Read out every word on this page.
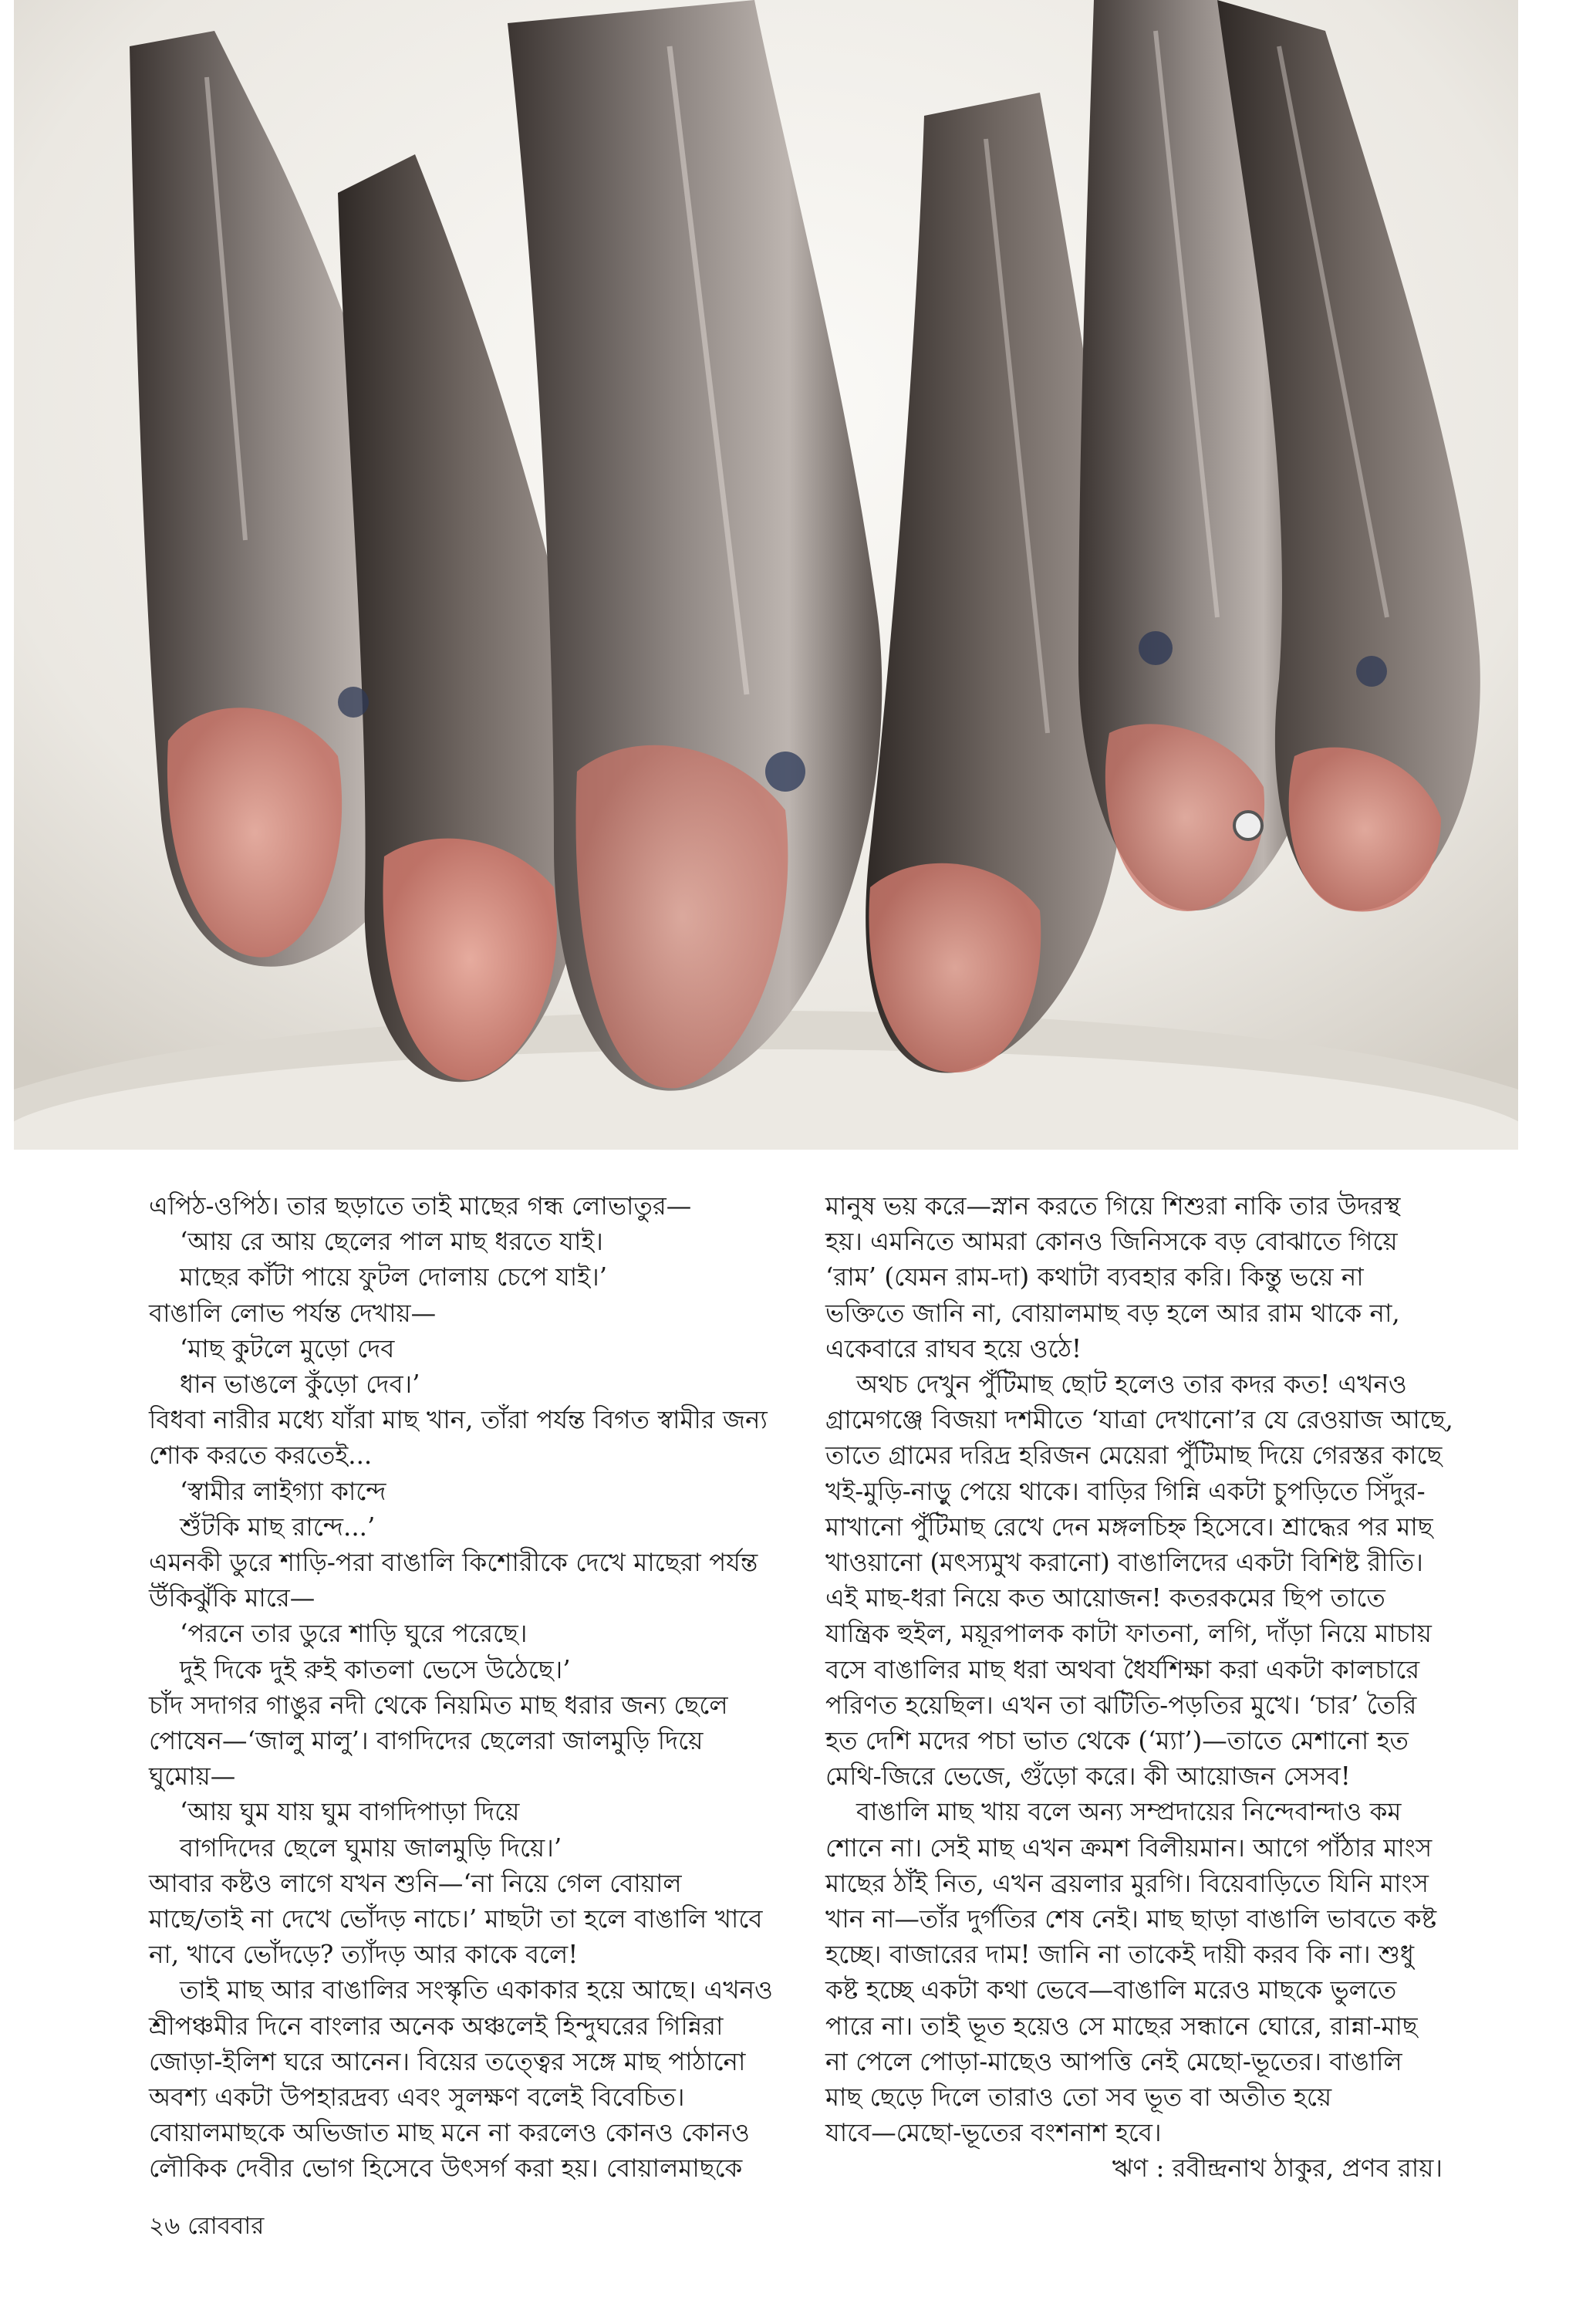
এপিঠ-ওপিঠ। তার ছড়াতে তাই মাছের গন্ধ লোভাতুর—
‘আয় রে আয় ছেলের পাল মাছ ধরতে যাই।
মাছের কাঁটা পায়ে ফুটল দোলায় চেপে যাই।’
বাঙালি লোভ পর্যন্ত দেখায়—
‘মাছ কুটলে মুড়ো দেব
ধান ভাঙলে কুঁড়ো দেব।’
বিধবা নারীর মধ্যে যাঁরা মাছ খান, তাঁরা পর্যন্ত বিগত স্বামীর জন্য
শোক করতে করতেই...
‘স্বামীর লাইগ্যা কান্দে
শুঁটকি মাছ রান্দে...’
এমনকী ডুরে শাড়ি-পরা বাঙালি কিশোরীকে দেখে মাছেরা পর্যন্ত
উঁকিঝুঁকি মারে—
‘পরনে তার ডুরে শাড়ি ঘুরে পরেছে।
দুই দিকে দুই রুই কাতলা ভেসে উঠেছে।’
চাঁদ সদাগর গাঙুর নদী থেকে নিয়মিত মাছ ধরার জন্য ছেলে
পোষেন—‘জালু মালু’। বাগদিদের ছেলেরা জালমুড়ি দিয়ে
ঘুমোয়—
‘আয় ঘুম যায় ঘুম বাগদিপাড়া দিয়ে
বাগদিদের ছেলে ঘুমায় জালমুড়ি দিয়ে।’
আবার কষ্টও লাগে যখন শুনি—‘না নিয়ে গেল বোয়াল
মাছে/তাই না দেখে ভোঁদড় নাচে।’ মাছটা তা হলে বাঙালি খাবে
না, খাবে ভোঁদড়ে? ত্যাঁদড় আর কাকে বলে!
তাই মাছ আর বাঙালির সংস্কৃতি একাকার হয়ে আছে। এখনও
শ্রীপঞ্চমীর দিনে বাংলার অনেক অঞ্চলেই হিন্দুঘরের গিন্নিরা
জোড়া-ইলিশ ঘরে আনেন। বিয়ের তত্ত্বের সঙ্গে মাছ পাঠানো
অবশ্য একটা উপহারদ্রব্য এবং সুলক্ষণ বলেই বিবেচিত।
বোয়ালমাছকে অভিজাত মাছ মনে না করলেও কোনও কোনও
লৌকিক দেবীর ভোগ হিসেবে উৎসর্গ করা হয়। বোয়ালমাছকে
মানুষ ভয় করে—স্নান করতে গিয়ে শিশুরা নাকি তার উদরস্থ
হয়। এমনিতে আমরা কোনও জিনিসকে বড় বোঝাতে গিয়ে
‘রাম’ (যেমন রাম-দা) কথাটা ব্যবহার করি। কিন্তু ভয়ে না
ভক্তিতে জানি না, বোয়ালমাছ বড় হলে আর রাম থাকে না,
একেবারে রাঘব হয়ে ওঠে!
অথচ দেখুন পুঁটিমাছ ছোট হলেও তার কদর কত! এখনও
গ্রামেগঞ্জে বিজয়া দশমীতে ‘যাত্রা দেখানো’র যে রেওয়াজ আছে,
তাতে গ্রামের দরিদ্র হরিজন মেয়েরা পুঁটিমাছ দিয়ে গেরস্তর কাছে
খই-মুড়ি-নাড়ু পেয়ে থাকে। বাড়ির গিন্নি একটা চুপড়িতে সিঁদুর-
মাখানো পুঁটিমাছ রেখে দেন মঙ্গলচিহ্ন হিসেবে। শ্রাদ্ধের পর মাছ
খাওয়ানো (মৎস্যমুখ করানো) বাঙালিদের একটা বিশিষ্ট রীতি।
এই মাছ-ধরা নিয়ে কত আয়োজন! কতরকমের ছিপ তাতে
যান্ত্রিক হুইল, ময়ূরপালক কাটা ফাতনা, লগি, দাঁড়া নিয়ে মাচায়
বসে বাঙালির মাছ ধরা অথবা ধৈর্যশিক্ষা করা একটা কালচারে
পরিণত হয়েছিল। এখন তা ঝটিতি-পড়তির মুখে। ‘চার’ তৈরি
হত দেশি মদের পচা ভাত থেকে (‘ম্যা’)—তাতে মেশানো হত
মেথি-জিরে ভেজে, গুঁড়ো করে। কী আয়োজন সেসব!
বাঙালি মাছ খায় বলে অন্য সম্প্রদায়ের নিন্দেবান্দাও কম
শোনে না। সেই মাছ এখন ক্রমশ বিলীয়মান। আগে পাঁঠার মাংস
মাছের ঠাঁই নিত, এখন ব্রয়লার মুরগি। বিয়েবাড়িতে যিনি মাংস
খান না—তাঁর দুর্গতির শেষ নেই। মাছ ছাড়া বাঙালি ভাবতে কষ্ট
হচ্ছে। বাজারের দাম! জানি না তাকেই দায়ী করব কি না। শুধু
কষ্ট হচ্ছে একটা কথা ভেবে—বাঙালি মরেও মাছকে ভুলতে
পারে না। তাই ভূত হয়েও সে মাছের সন্ধানে ঘোরে, রান্না-মাছ
না পেলে পোড়া-মাছেও আপত্তি নেই মেছো-ভূতের। বাঙালি
মাছ ছেড়ে দিলে তারাও তো সব ভূত বা অতীত হয়ে
যাবে—মেছো-ভূতের বংশনাশ হবে।
ঋণ : রবীন্দ্রনাথ ঠাকুর, প্রণব রায়।
২৬ রোববার
